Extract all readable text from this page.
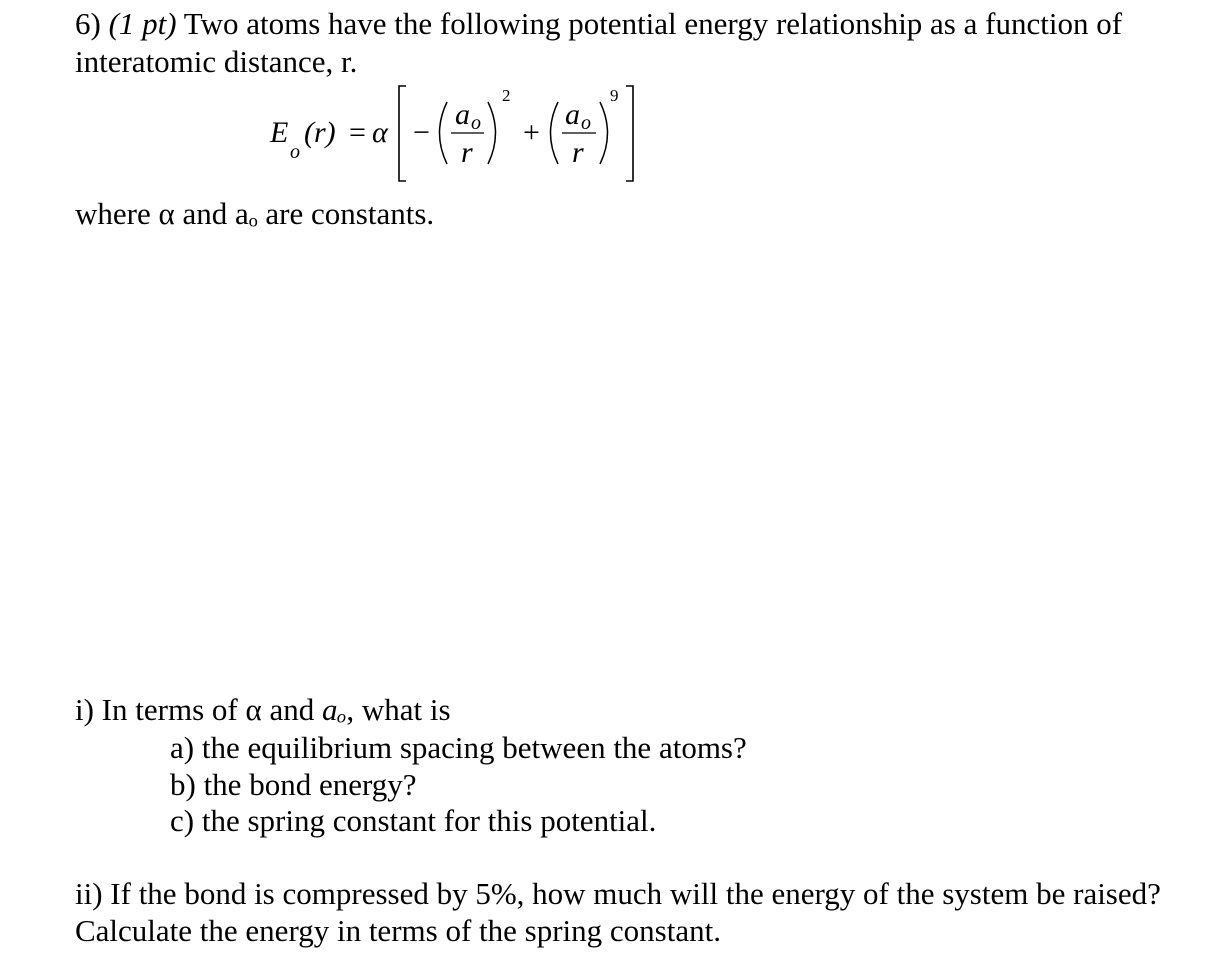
6) (1 pt) Two atoms have the following potential energy relationship as a function of
interatomic distance, r.
E
o
(r) = α −
a o
r
2
+
a o
r
9
where α and aₒ are constants.
i) In terms of α and aₒ, what is
a) the equilibrium spacing between the atoms?
b) the bond energy?
c) the spring constant for this potential.
ii) If the bond is compressed by 5%, how much will the energy of the system be raised?
Calculate the energy in terms of the spring constant.
